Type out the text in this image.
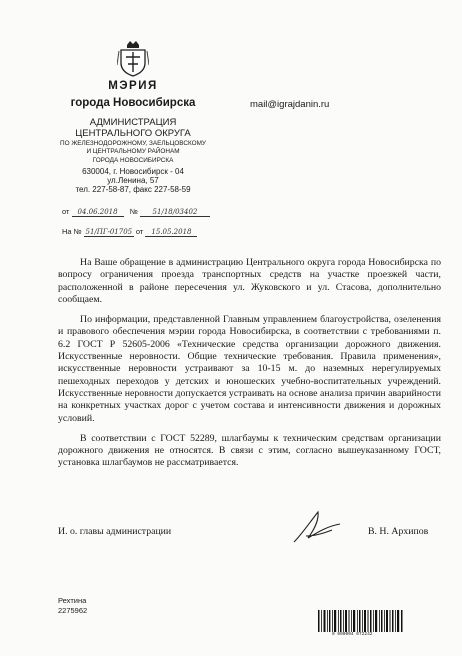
МЭРИЯ
города Новосибирска
АДМИНИСТРАЦИЯ
ЦЕНТРАЛЬНОГО ОКРУГА
ПО ЖЕЛЕЗНОДОРОЖНОМУ, ЗАЕЛЬЦОВСКОМУ
И ЦЕНТРАЛЬНОМУ РАЙОНАМ
ГОРОДА НОВОСИБИРСКА
630004, г. Новосибирск - 04
ул.Ленина, 57
тел. 227-58-87, факс 227-58-59
mail@igrajdanin.ru
от 04.06.2018 № 51/18/03402
На № 51/ПГ-01705 от 15.05.2018

На Ваше обращение в администрацию Центрального округа города Новосибирска по вопросу ограничения проезда транспортных средств на участке проезжей части, расположенной в районе пересечения ул. Жуковского и ул. Стасова, дополнительно сообщаем.

По информации, представленной Главным управлением благоустройства, озеленения и правового обеспечения мэрии города Новосибирска, в соответствии с требованиями п. 6.2 ГОСТ Р 52605-2006 «Технические средства организации дорожного движения. Искусственные неровности. Общие технические требования. Правила применения», искусственные неровности устраивают за 10-15 м. до наземных нерегулируемых пешеходных переходов у детских и юношеских учебно-воспитательных учреждений. Искусственные неровности допускается устраивать на основе анализа причин аварийности на конкретных участках дорог с учетом состава и интенсивности движения и дорожных условий.

В соответствии с ГОСТ 52289, шлагбаумы к техническим средствам организации дорожного движения не относятся. В связи с этим, согласно вышеуказанному ГОСТ, установка шлагбаумов не рассматривается.

И. о. главы администрации	В. Н. Архипов
Рехтина
2275962
0 000004 072242
